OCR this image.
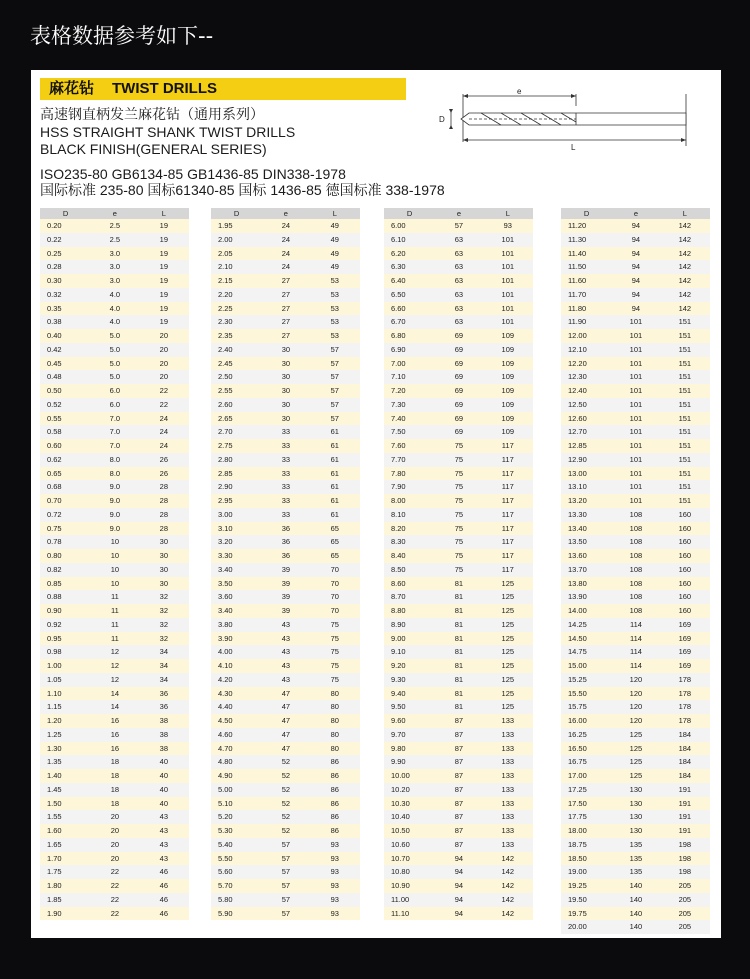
表格数据参考如下--
麻花钻 TWIST DRILLS
高速钢直柄发兰麻花钻（通用系列）
HSS STRAIGHT SHANK TWIST DRILLS
BLACK FINISH(GENERAL SERIES)
ISO235-80 GB6134-85 GB1436-85 DIN338-1978
国际标准 235-80 国标61340-85 国标 1436-85 德国标准 338-1978
e
D
L
D	e	L
0.20	2.5	19
0.22	2.5	19
0.25	3.0	19
0.28	3.0	19
0.30	3.0	19
0.32	4.0	19
0.35	4.0	19
0.38	4.0	19
0.40	5.0	20
0.42	5.0	20
0.45	5.0	20
0.48	5.0	20
0.50	6.0	22
0.52	6.0	22
0.55	7.0	24
0.58	7.0	24
0.60	7.0	24
0.62	8.0	26
0.65	8.0	26
0.68	9.0	28
0.70	9.0	28
0.72	9.0	28
0.75	9.0	28
0.78	10	30
0.80	10	30
0.82	10	30
0.85	10	30
0.88	11	32
0.90	11	32
0.92	11	32
0.95	11	32
0.98	12	34
1.00	12	34
1.05	12	34
1.10	14	36
1.15	14	36
1.20	16	38
1.25	16	38
1.30	16	38
1.35	18	40
1.40	18	40
1.45	18	40
1.50	18	40
1.55	20	43
1.60	20	43
1.65	20	43
1.70	20	43
1.75	22	46
1.80	22	46
1.85	22	46
1.90	22	46
D	e	L
1.95	24	49
2.00	24	49
2.05	24	49
2.10	24	49
2.15	27	53
2.20	27	53
2.25	27	53
2.30	27	53
2.35	27	53
2.40	30	57
2.45	30	57
2.50	30	57
2.55	30	57
2.60	30	57
2.65	30	57
2.70	33	61
2.75	33	61
2.80	33	61
2.85	33	61
2.90	33	61
2.95	33	61
3.00	33	61
3.10	36	65
3.20	36	65
3.30	36	65
3.40	39	70
3.50	39	70
3.60	39	70
3.40	39	70
3.80	43	75
3.90	43	75
4.00	43	75
4.10	43	75
4.20	43	75
4.30	47	80
4.40	47	80
4.50	47	80
4.60	47	80
4.70	47	80
4.80	52	86
4.90	52	86
5.00	52	86
5.10	52	86
5.20	52	86
5.30	52	86
5.40	57	93
5.50	57	93
5.60	57	93
5.70	57	93
5.80	57	93
5.90	57	93
D	e	L
6.00	57	93
6.10	63	101
6.20	63	101
6.30	63	101
6.40	63	101
6.50	63	101
6.60	63	101
6.70	63	101
6.80	69	109
6.90	69	109
7.00	69	109
7.10	69	109
7.20	69	109
7.30	69	109
7.40	69	109
7.50	69	109
7.60	75	117
7.70	75	117
7.80	75	117
7.90	75	117
8.00	75	117
8.10	75	117
8.20	75	117
8.30	75	117
8.40	75	117
8.50	75	117
8.60	81	125
8.70	81	125
8.80	81	125
8.90	81	125
9.00	81	125
9.10	81	125
9.20	81	125
9.30	81	125
9.40	81	125
9.50	81	125
9.60	87	133
9.70	87	133
9.80	87	133
9.90	87	133
10.00	87	133
10.20	87	133
10.30	87	133
10.40	87	133
10.50	87	133
10.60	87	133
10.70	94	142
10.80	94	142
10.90	94	142
11.00	94	142
11.10	94	142
D	e	L
11.20	94	142
11.30	94	142
11.40	94	142
11.50	94	142
11.60	94	142
11.70	94	142
11.80	94	142
11.90	101	151
12.00	101	151
12.10	101	151
12.20	101	151
12.30	101	151
12.40	101	151
12.50	101	151
12.60	101	151
12.70	101	151
12.85	101	151
12.90	101	151
13.00	101	151
13.10	101	151
13.20	101	151
13.30	108	160
13.40	108	160
13.50	108	160
13.60	108	160
13.70	108	160
13.80	108	160
13.90	108	160
14.00	108	160
14.25	114	169
14.50	114	169
14.75	114	169
15.00	114	169
15.25	120	178
15.50	120	178
15.75	120	178
16.00	120	178
16.25	125	184
16.50	125	184
16.75	125	184
17.00	125	184
17.25	130	191
17.50	130	191
17.75	130	191
18.00	130	191
18.75	135	198
18.50	135	198
19.00	135	198
19.25	140	205
19.50	140	205
19.75	140	205
20.00	140	205
